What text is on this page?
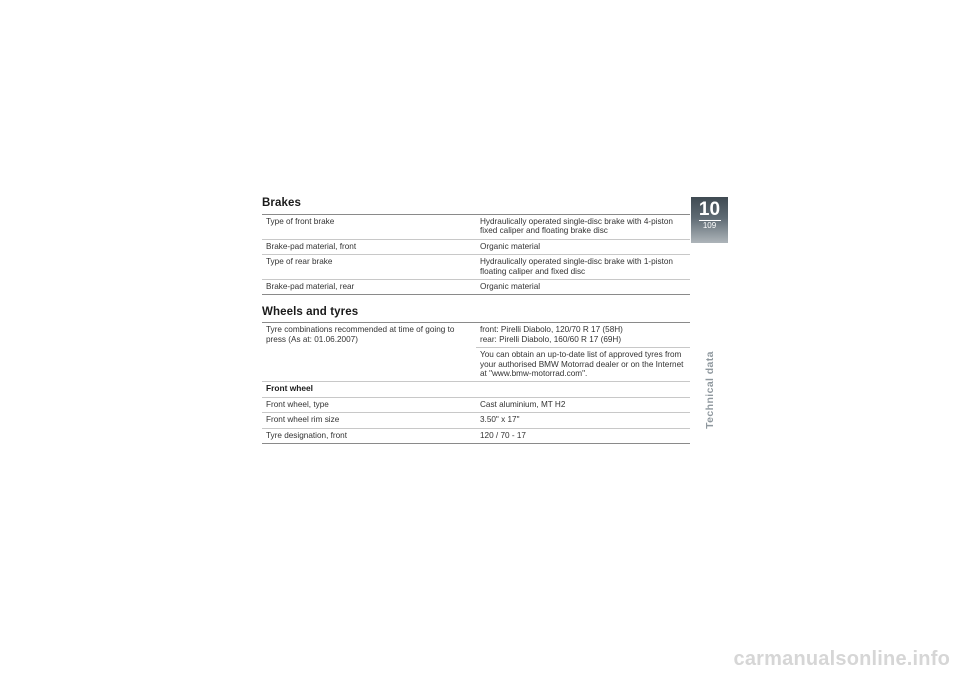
Brakes
Type of front brake	Hydraulically operated single-disc brake with 4-piston fixed caliper and floating brake disc
Brake-pad material, front	Organic material
Type of rear brake	Hydraulically operated single-disc brake with 1-piston floating caliper and fixed disc
Brake-pad material, rear	Organic material
Wheels and tyres
Tyre combinations recommended at time of going to press (As at: 01.06.2007)	front: Pirelli Diabolo, 120/70 R 17 (58H)
rear: Pirelli Diabolo, 160/60 R 17 (69H)

	You can obtain an up-to-date list of approved tyres from your authorised BMW Motorrad dealer or on the Internet at "www.bmw-motorrad.com".
Front wheel	
Front wheel, type	Cast aluminium, MT H2
Front wheel rim size	3.50" x 17"
Tyre designation, front	120 / 70 - 17
10
109
Technical data
carmanualsonline.info
